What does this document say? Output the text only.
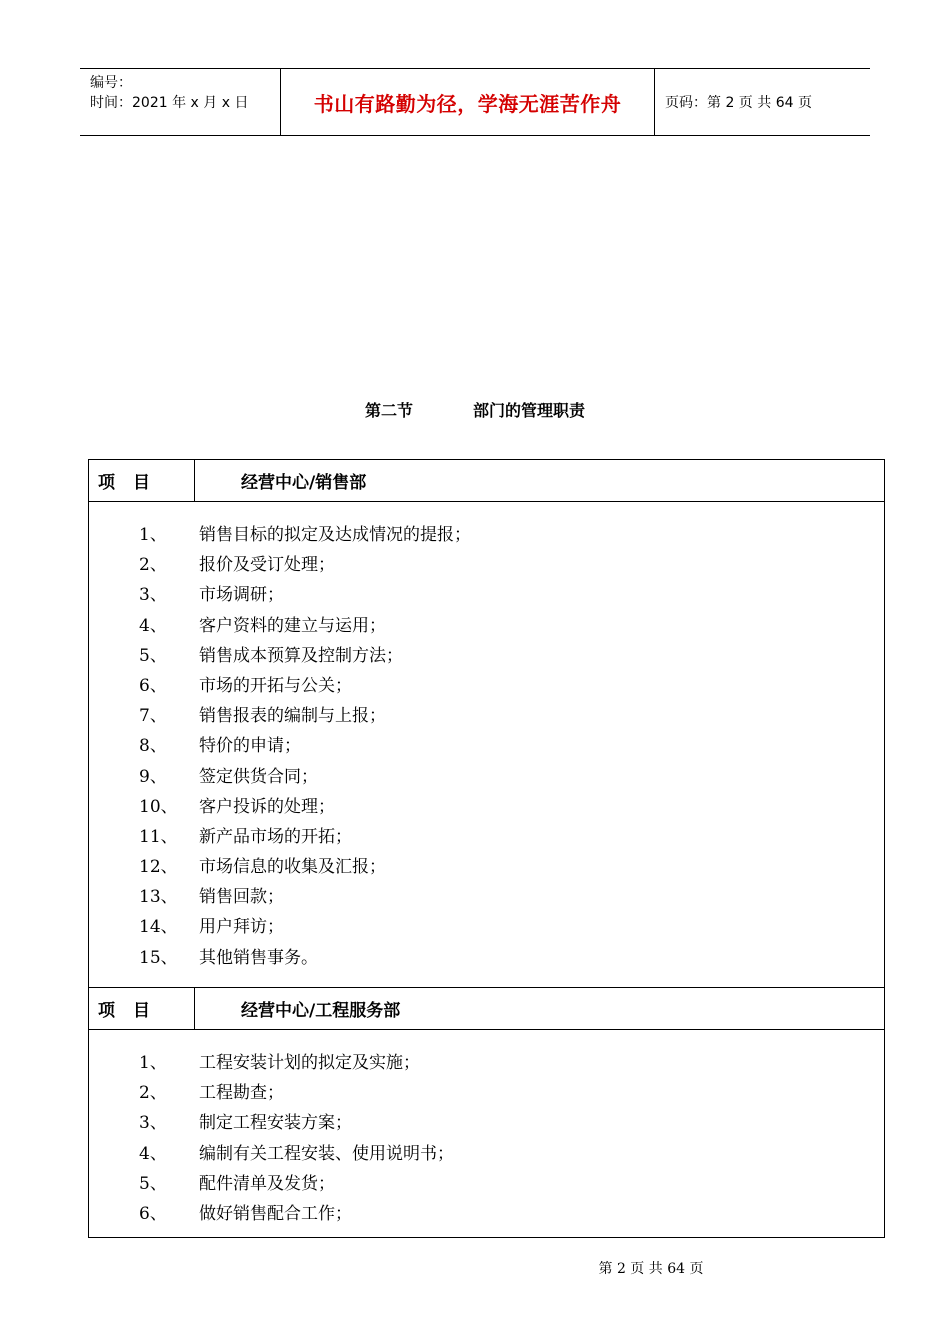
编号：
时间：2021 年 x 月 x 日	书山有路勤为径，学海无涯苦作舟	页码：第 2 页 共 64 页
第二节	部门的管理职责
项 目	经营中心/销售部
1、 销售目标的拟定及达成情况的提报；
2、 报价及受订处理；
3、 市场调研；
4、 客户资料的建立与运用；
5、 销售成本预算及控制方法；
6、 市场的开拓与公关；
7、 销售报表的编制与上报；
8、 特价的申请；
9、 签定供货合同；
10、 客户投诉的处理；
11、 新产品市场的开拓；
12、 市场信息的收集及汇报；
13、 销售回款；
14、 用户拜访；
15、 其他销售事务。
项 目	经营中心/工程服务部
1、 工程安装计划的拟定及实施；
2、 工程勘查；
3、 制定工程安装方案；
4、 编制有关工程安装、使用说明书；
5、 配件清单及发货；
6、 做好销售配合工作；
第 2 页 共 64 页
